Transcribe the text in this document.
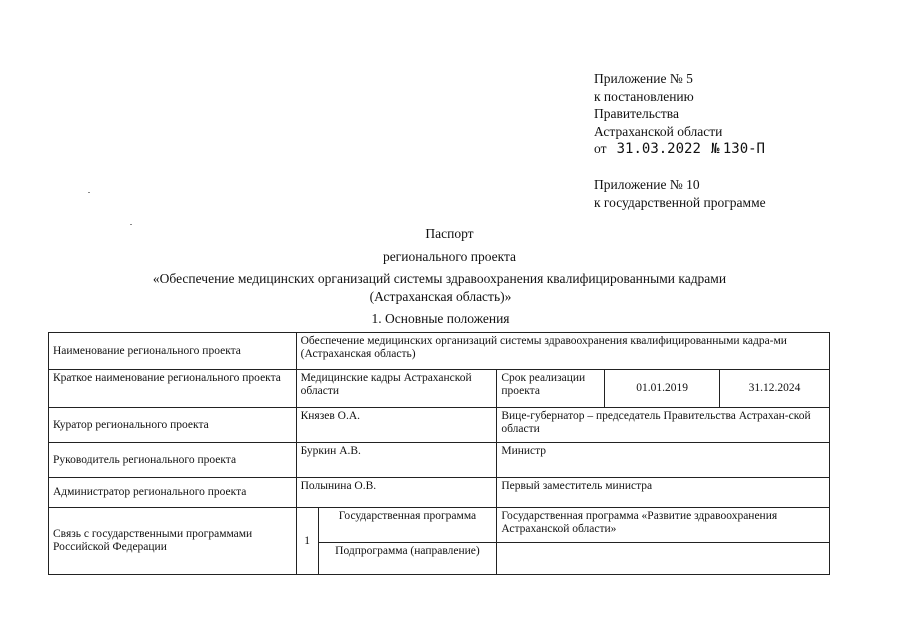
Приложение № 5
к постановлению
Правительства
Астраханской области
от 31.03.2022 № 130-П
Приложение № 10
к государственной программе
Паспорт
регионального проекта
«Обеспечение медицинских организаций системы здравоохранения квалифицированными кадрами
(Астраханская область)»
1. Основные положения
Наименование регионального проекта	Обеспечение медицинских организаций системы здравоохранения квалифицированными кадра-ми (Астраханская область)				
Краткое наименование регионального проекта	Медицинские кадры Астраханской области		Срок реализации проекта	01.01.2019	31.12.2024
Куратор регионального проекта	Князев О.А.		Вице-губернатор – председатель Правительства Астрахан-ской области		
Руководитель регионального проекта	Буркин А.В.		Министр		
Администратор регионального проекта	Полынина О.В.		Первый заместитель министра		
Связь с государственными программами Российской Федерации	1	Государственная программа	Государственная программа «Развитие здравоохранения Астраханской области»		
		Подпрограмма (направление)			
